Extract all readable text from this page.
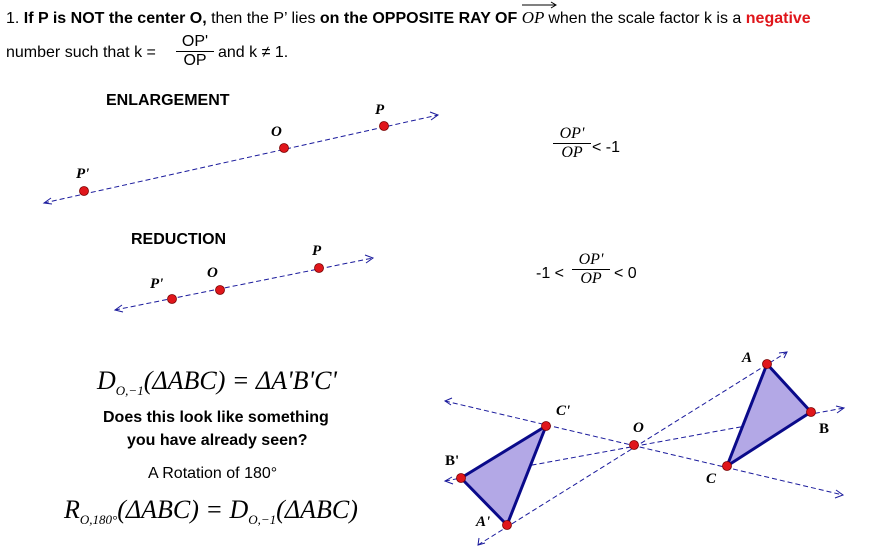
1. If P is NOT the center O, then the P’ lies on the OPPOSITE RAY OF OP
when the scale factor k is a negative
number such that k =
OP'
OP and k ≠ 1.
ENLARGEMENT
P
O
P'
OP'
OP < -1
REDUCTION
P
O
P'
-1 <
OP'
OP < 0
$D_{O,-1}(\Delta ABC) = \Delta A'B'C'$
Does this look like something
you have already seen?
A Rotation of 180°
$R_{O,180^\circ}(\Delta ABC) = D_{O,-1}(\Delta ABC)$
A
B
C
C'
B'
A'
O
